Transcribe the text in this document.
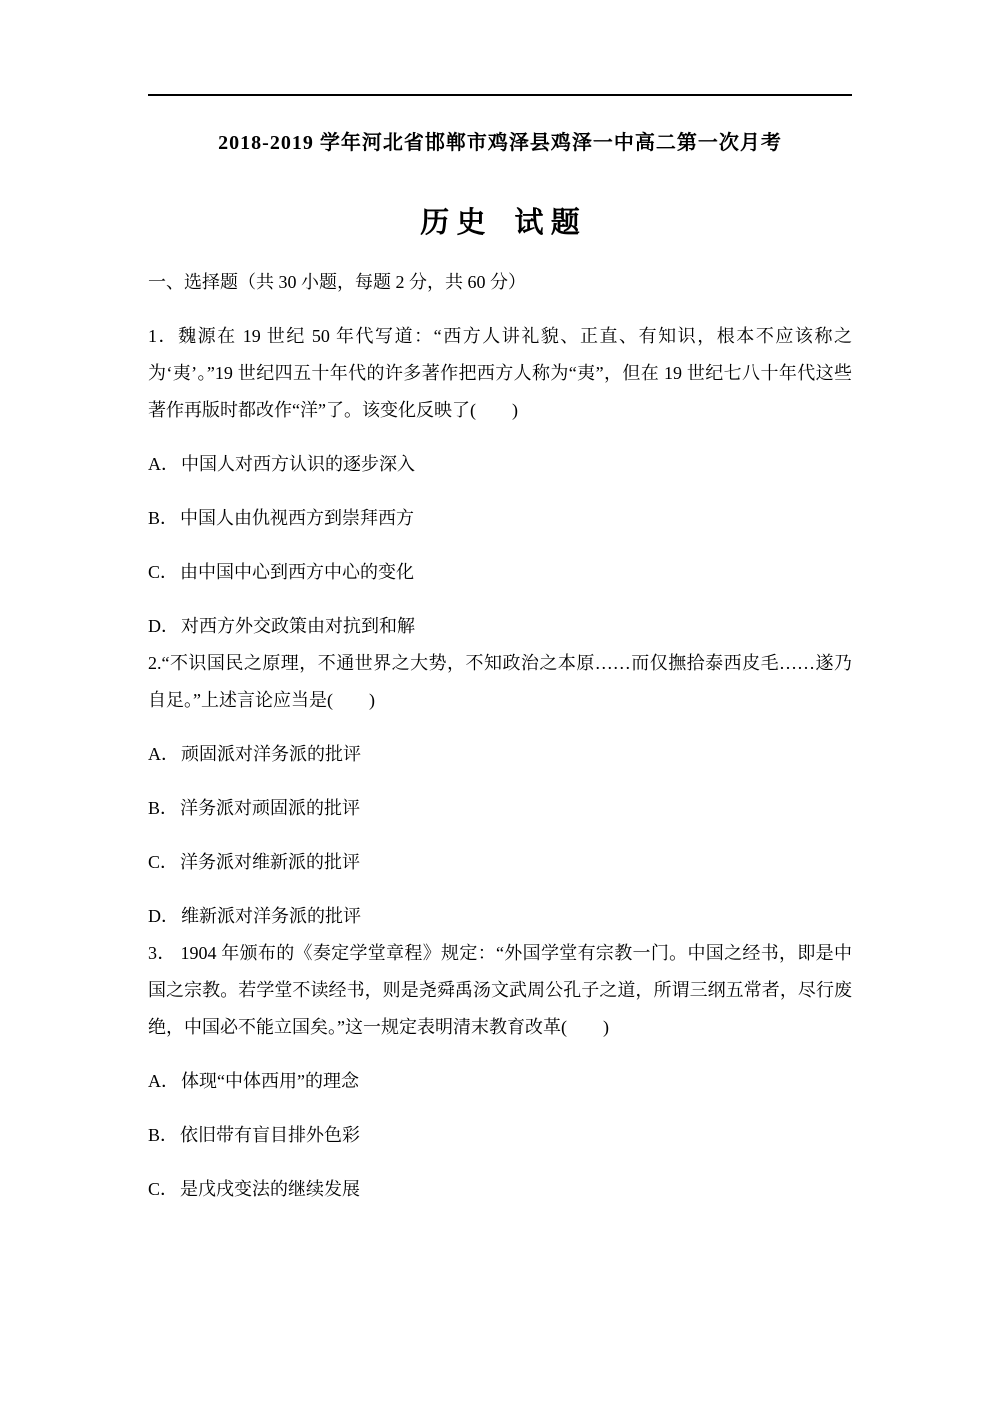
2018-2019 学年河北省邯郸市鸡泽县鸡泽一中高二第一次月考

历 史　试 题

一、选择题（共 30 小题，每题 2 分，共 60 分）

1．魏源在 19 世纪 50 年代写道：“西方人讲礼貌、正直、有知识，根本不应该称之为‘夷’。”19 世纪四五十年代的许多著作把西方人称为“夷”，但在 19 世纪七八十年代这些著作再版时都改作“洋”了。该变化反映了(　　)

A． 中国人对西方认识的逐步深入

B． 中国人由仇视西方到崇拜西方

C． 由中国中心到西方中心的变化

D． 对西方外交政策由对抗到和解

2.“不识国民之原理，不通世界之大势，不知政治之本原……而仅撫拾泰西皮毛……遂乃自足。”上述言论应当是(　　)

A． 顽固派对洋务派的批评

B． 洋务派对顽固派的批评

C． 洋务派对维新派的批评

D． 维新派对洋务派的批评

3． 1904 年颁布的《奏定学堂章程》规定：“外国学堂有宗教一门。中国之经书，即是中国之宗教。若学堂不读经书，则是尧舜禹汤文武周公孔子之道，所谓三纲五常者，尽行废绝，中国必不能立国矣。”这一规定表明清末教育改革(　　)

A． 体现“中体西用”的理念

B． 依旧带有盲目排外色彩

C． 是戊戌变法的继续发展
